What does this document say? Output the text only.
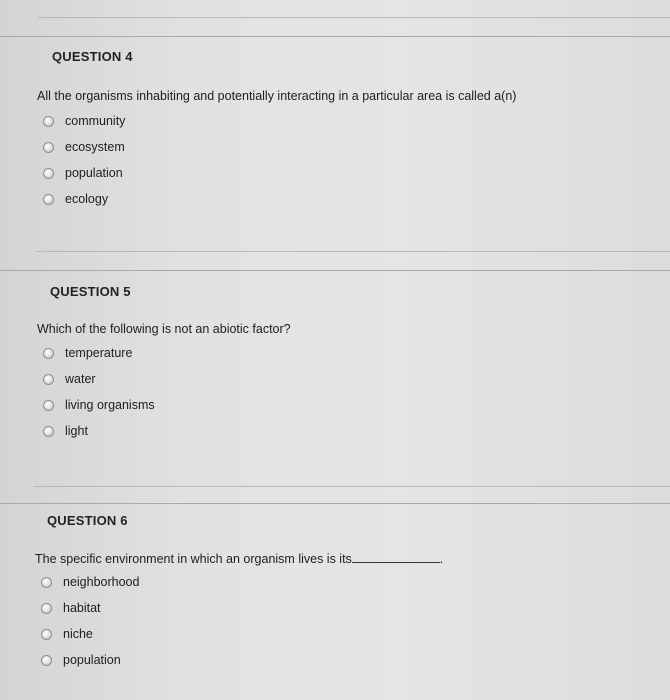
QUESTION 4
All the organisms inhabiting and potentially interacting in a particular area is called a(n)
community
ecosystem
population
ecology
QUESTION 5
Which of the following is not an abiotic factor?
temperature
water
living organisms
light
QUESTION 6
The specific environment in which an organism lives is its	.
neighborhood
habitat
niche
population
